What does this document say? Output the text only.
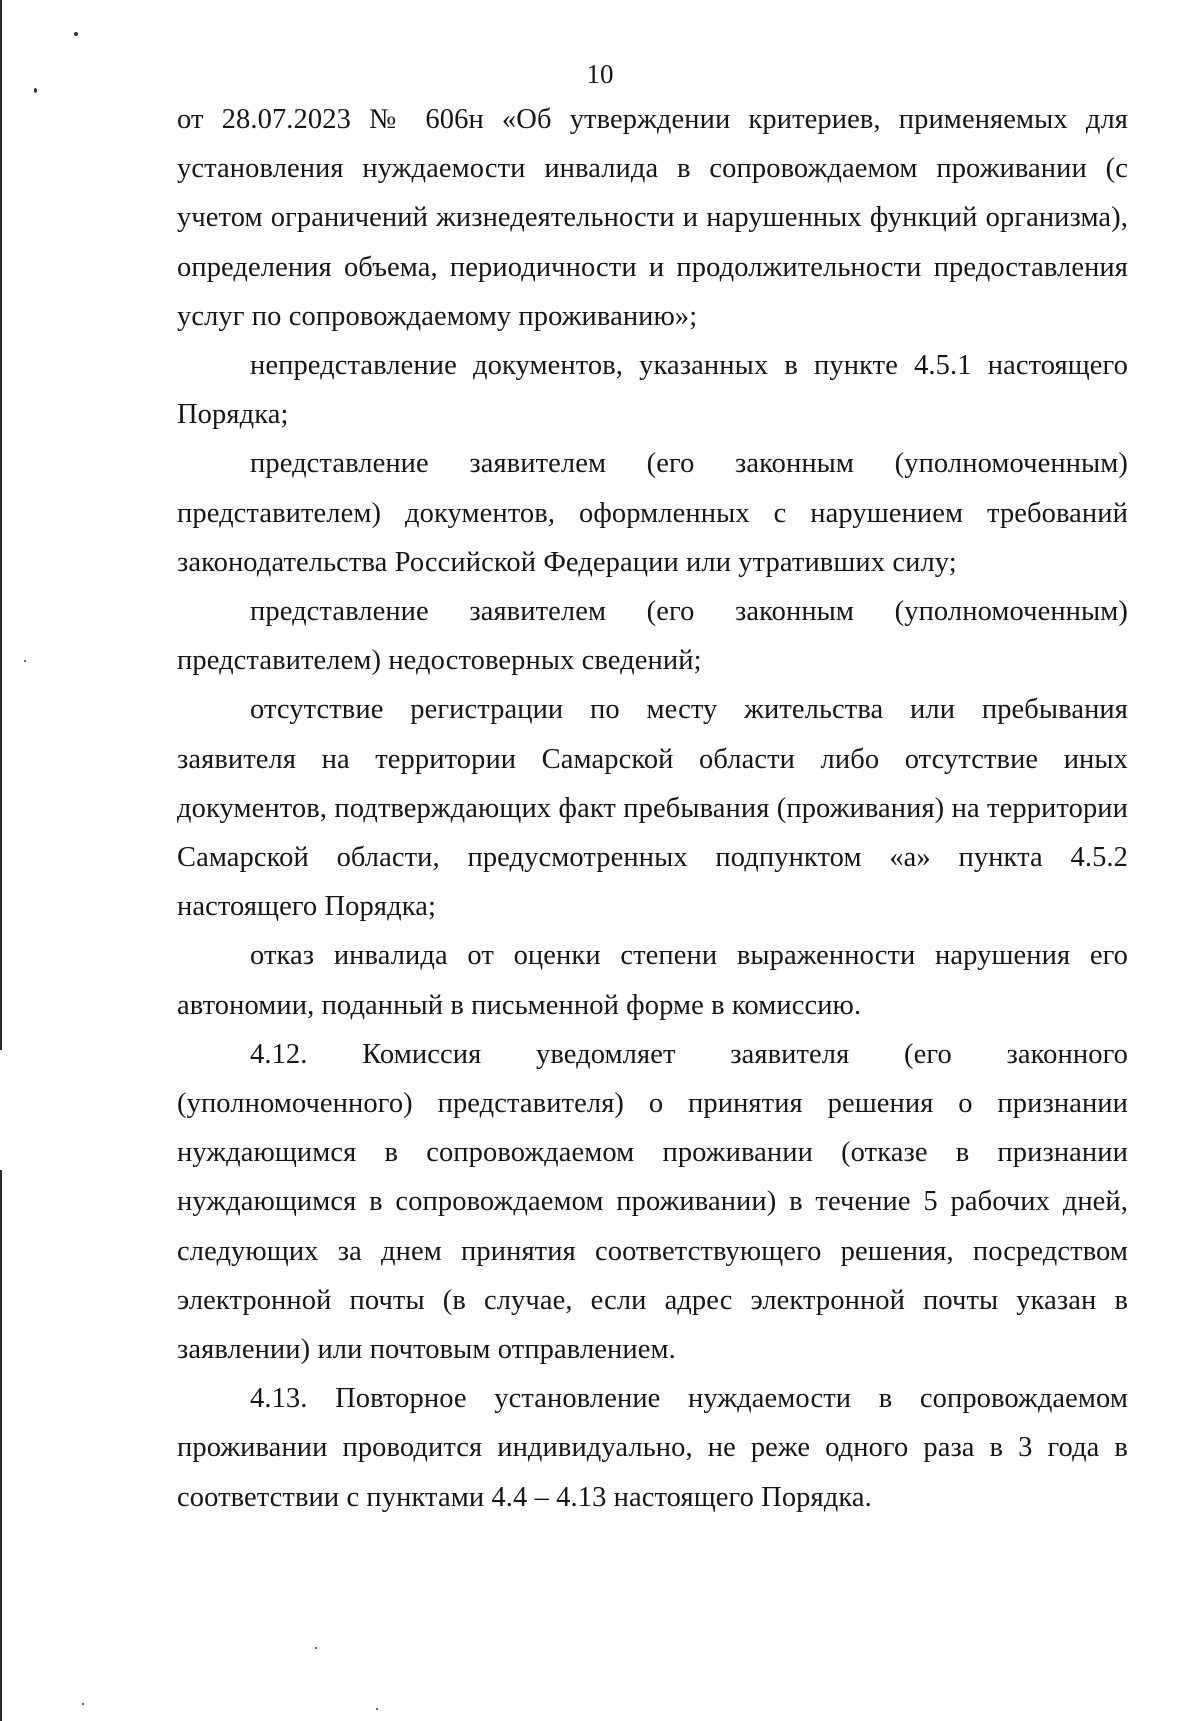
10

от 28.07.2023 № 606н «Об утверждении критериев, применяемых для установления нуждаемости инвалида в сопровождаемом проживании (с учетом ограничений жизнедеятельности и нарушенных функций организма), определения объема, периодичности и продолжительности предоставления услуг по сопровождаемому проживанию»;

непредставление документов, указанных в пункте 4.5.1 настоящего Порядка;

представление заявителем (его законным (уполномоченным) представителем) документов, оформленных с нарушением требований законодательства Российской Федерации или утративших силу;

представление заявителем (его законным (уполномоченным) представителем) недостоверных сведений;

отсутствие регистрации по месту жительства или пребывания заявителя на территории Самарской области либо отсутствие иных документов, подтверждающих факт пребывания (проживания) на территории Самарской области, предусмотренных подпунктом «а» пункта 4.5.2 настоящего Порядка;

отказ инвалида от оценки степени выраженности нарушения его автономии, поданный в письменной форме в комиссию.

4.12. Комиссия уведомляет заявителя (его законного (уполномоченного) представителя) о принятия решения о признании нуждающимся в сопровождаемом проживании (отказе в признании нуждающимся в сопровождаемом проживании) в течение 5 рабочих дней, следующих за днем принятия соответствующего решения, посредством электронной почты (в случае, если адрес электронной почты указан в заявлении) или почтовым отправлением.

4.13. Повторное установление нуждаемости в сопровождаемом проживании проводится индивидуально, не реже одного раза в 3 года в соответствии с пунктами 4.4 – 4.13 настоящего Порядка.
